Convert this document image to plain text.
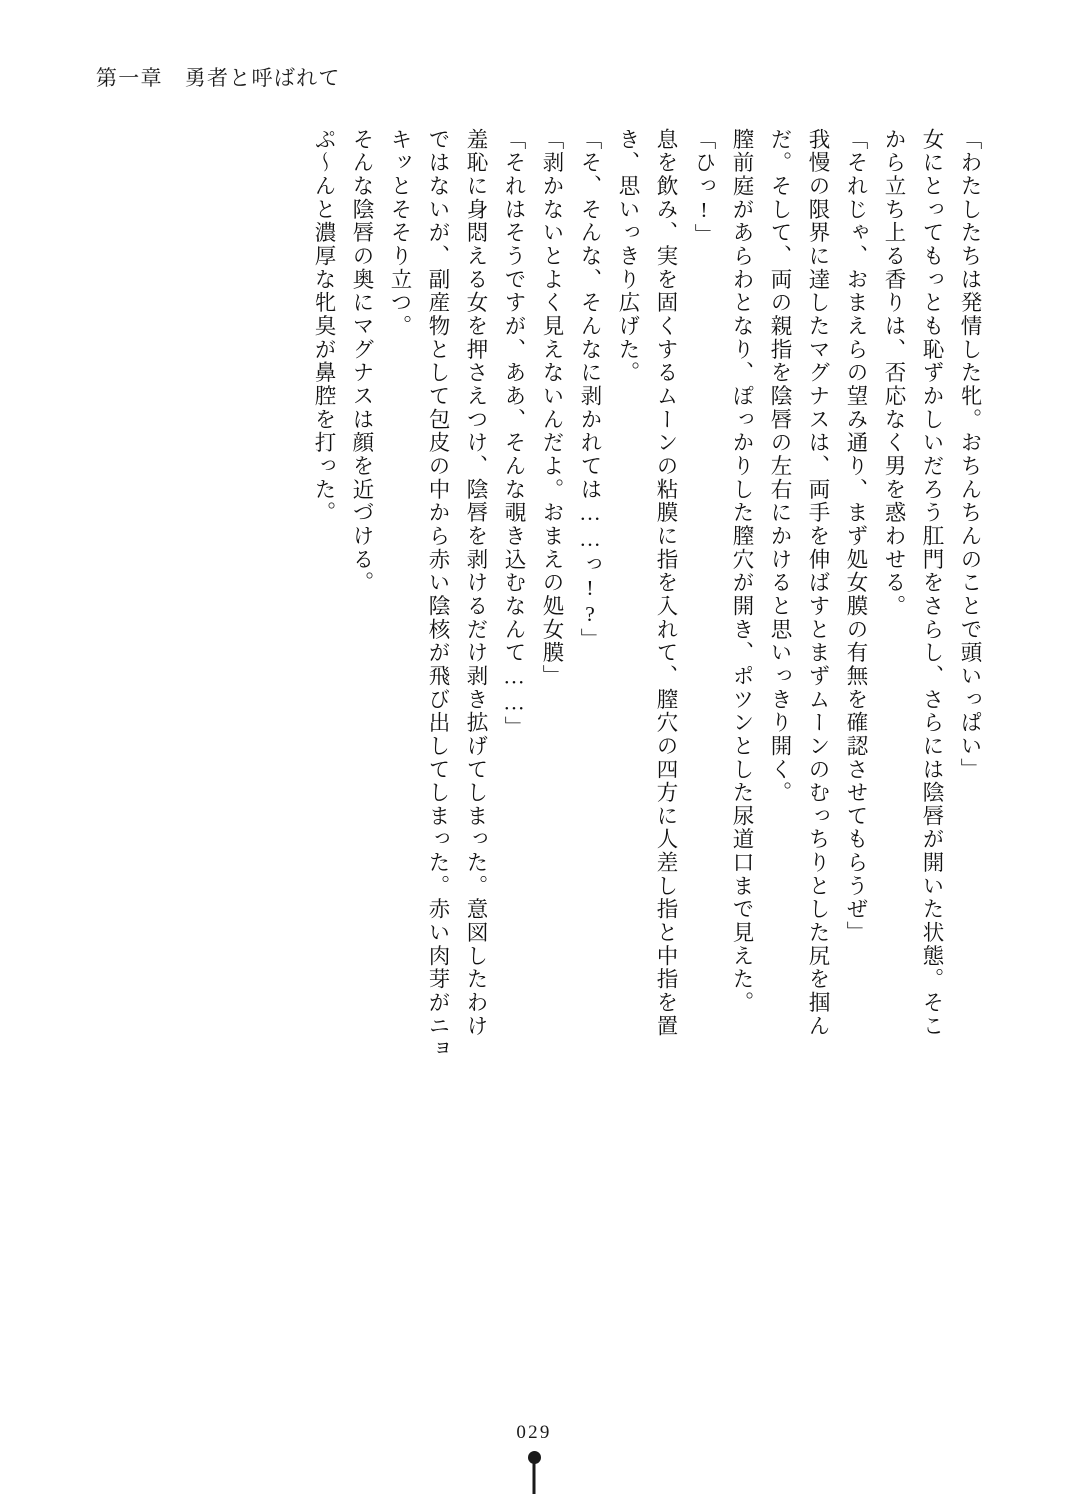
第一章 勇者と呼ばれて
「わたしたちは発情した牝。おちんちんのことで頭いっぱい」
女にとってもっとも恥ずかしいだろう肛門をさらし、さらには陰唇が開いた状態。そこ
から立ち上る香りは、否応なく男を惑わせる。
「それじゃ、おまえらの望み通り、まず処女膜の有無を確認させてもらうぜ」
我慢の限界に達したマグナスは、両手を伸ばすとまずムーンのむっちりとした尻を掴ん
だ。そして、両の親指を陰唇の左右にかけると思いっきり開く。
膣前庭があらわとなり、ぽっかりした膣穴が開き、ポツンとした尿道口まで見えた。
「ひっ!」
息を飲み、実を固くするムーンの粘膜に指を入れて、膣穴の四方に人差し指と中指を置
き、思いっきり広げた。
「そ、そんな、そんなに剥かれては……っ!?」
「剥かないとよく見えないんだよ。おまえの処女膜」
「それはそうですが、ああ、そんな覗き込むなんて……」
羞恥に身悶える女を押さえつけ、陰唇を剥けるだけ剥き拡げてしまった。意図したわけ
ではないが、副産物として包皮の中から赤い陰核が飛び出してしまった。赤い肉芽がニョ
キッとそそり立つ。
そんな陰唇の奥にマグナスは顔を近づける。
ぷ〜んと濃厚な牝臭が鼻腔を打った。
029
